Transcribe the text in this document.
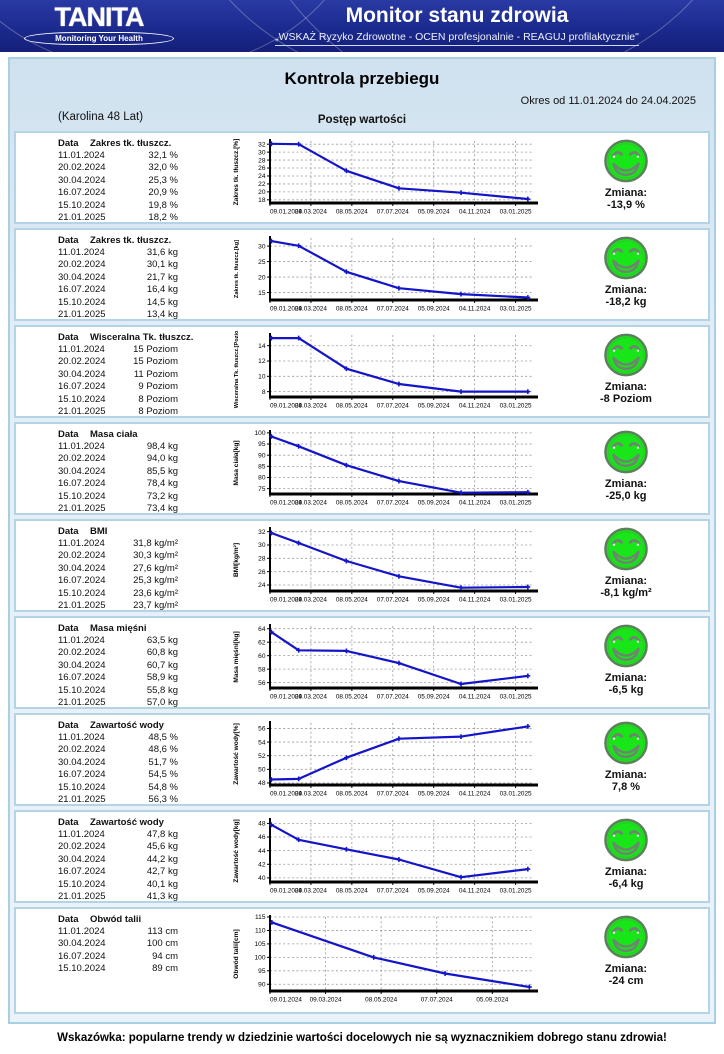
TANITA
Monitoring Your Health
Monitor stanu zdrowia
„WSKAŻ Ryzyko Zdrowotne - OCEN profesjonalnie - REAGUJ profilaktycznie"
Kontrola przebiegu
Okres od 11.01.2024 do 24.04.2025
(Karolina 48 Lat)	Postęp wartości
Data	Zakres tk. tłuszcz.
11.01.2024	32,1 %
20.02.2024	32,0 %
30.04.2024	25,3 %
16.07.2024	20,9 %
15.10.2024	19,8 %
21.01.2025	18,2 %
18
20
22
24
26
28
30
32
09.01.2024
09.03.2024 08.05.2024 07.07.2024 05.09.2024 04.11.2024 03.01.2025
Zakres tk. tłuszcz.[%]	Zmiana:
-13,9 %
Data	Zakres tk. tłuszcz.
11.01.2024	31,6 kg
20.02.2024	30,1 kg
30.04.2024	21,7 kg
16.07.2024	16,4 kg
15.10.2024	14,5 kg
21.01.2025	13,4 kg
15
20
25
30
09.01.2024
09.03.2024 08.05.2024 07.07.2024 05.09.2024 04.11.2024 03.01.2025
Zakres tk. tłuszcz.[kg]	Zmiana:
-18,2 kg
Data	Wisceralna Tk. tłuszcz.
11.01.2024	15 Poziom
20.02.2024	15 Poziom
30.04.2024	11 Poziom
16.07.2024	9 Poziom
15.10.2024	8 Poziom
21.01.2025	8 Poziom
8
10
12
14
09.01.2024
09.03.2024 08.05.2024 07.07.2024 05.09.2024 04.11.2024 03.01.2025
Wisceralna Tk. tłuszcz.[Poziom]	Zmiana:
-8 Poziom
Data	Masa ciała
11.01.2024	98,4 kg
20.02.2024	94,0 kg
30.04.2024	85,5 kg
16.07.2024	78,4 kg
15.10.2024	73,2 kg
21.01.2025	73,4 kg
75
80
85
90
95
100
09.01.2024
09.03.2024 08.05.2024 07.07.2024 05.09.2024 04.11.2024 03.01.2025
Masa ciała[kg]	Zmiana:
-25,0 kg
Data	BMI
11.01.2024	31,8 kg/m²
20.02.2024	30,3 kg/m²
30.04.2024	27,6 kg/m²
16.07.2024	25,3 kg/m²
15.10.2024	23,6 kg/m²
21.01.2025	23,7 kg/m²
24
26
28
30
32
09.01.2024
09.03.2024 08.05.2024 07.07.2024 05.09.2024 04.11.2024 03.01.2025
BMI[kg/m²]
Zmiana:
-8,1 kg/m²
Data	Masa mięśni
11.01.2024	63,5 kg
20.02.2024	60,8 kg
30.04.2024	60,7 kg
16.07.2024	58,9 kg
15.10.2024	55,8 kg
21.01.2025	57,0 kg
56
58
60
62
64
09.01.2024
09.03.2024 08.05.2024 07.07.2024 05.09.2024 04.11.2024 03.01.2025
Masa mięśni[kg]	Zmiana:
-6,5 kg
Data	Zawartość wody
11.01.2024	48,5 %
20.02.2024	48,6 %
30.04.2024	51,7 %
16.07.2024	54,5 %
15.10.2024	54,8 %
21.01.2025	56,3 %
48
50
52
54
56
09.01.2024
09.03.2024 08.05.2024 07.07.2024 05.09.2024 04.11.2024 03.01.2025
Zawartość wody[%]	Zmiana:
7,8 %
Data	Zawartość wody
11.01.2024	47,8 kg
20.02.2024	45,6 kg
30.04.2024	44,2 kg
16.07.2024	42,7 kg
15.10.2024	40,1 kg
21.01.2025	41,3 kg
40
42
44
46
48
09.01.2024
09.03.2024 08.05.2024 07.07.2024 05.09.2024 04.11.2024 03.01.2025
Zawartość wody[kg]	Zmiana:
-6,4 kg
Data	Obwód talii
11.01.2024	113 cm
30.04.2024	100 cm
16.07.2024	94 cm
15.10.2024	89 cm
90
95
100
105
110
115
09.01.2024 09.03.2024	08.05.2024	07.07.2024	05.09.2024
Obwód talii[cm]	Zmiana:
-24 cm
Wskazówka: popularne trendy w dziedzinie wartości docelowych nie są wyznacznikiem dobrego stanu zdrowia!
